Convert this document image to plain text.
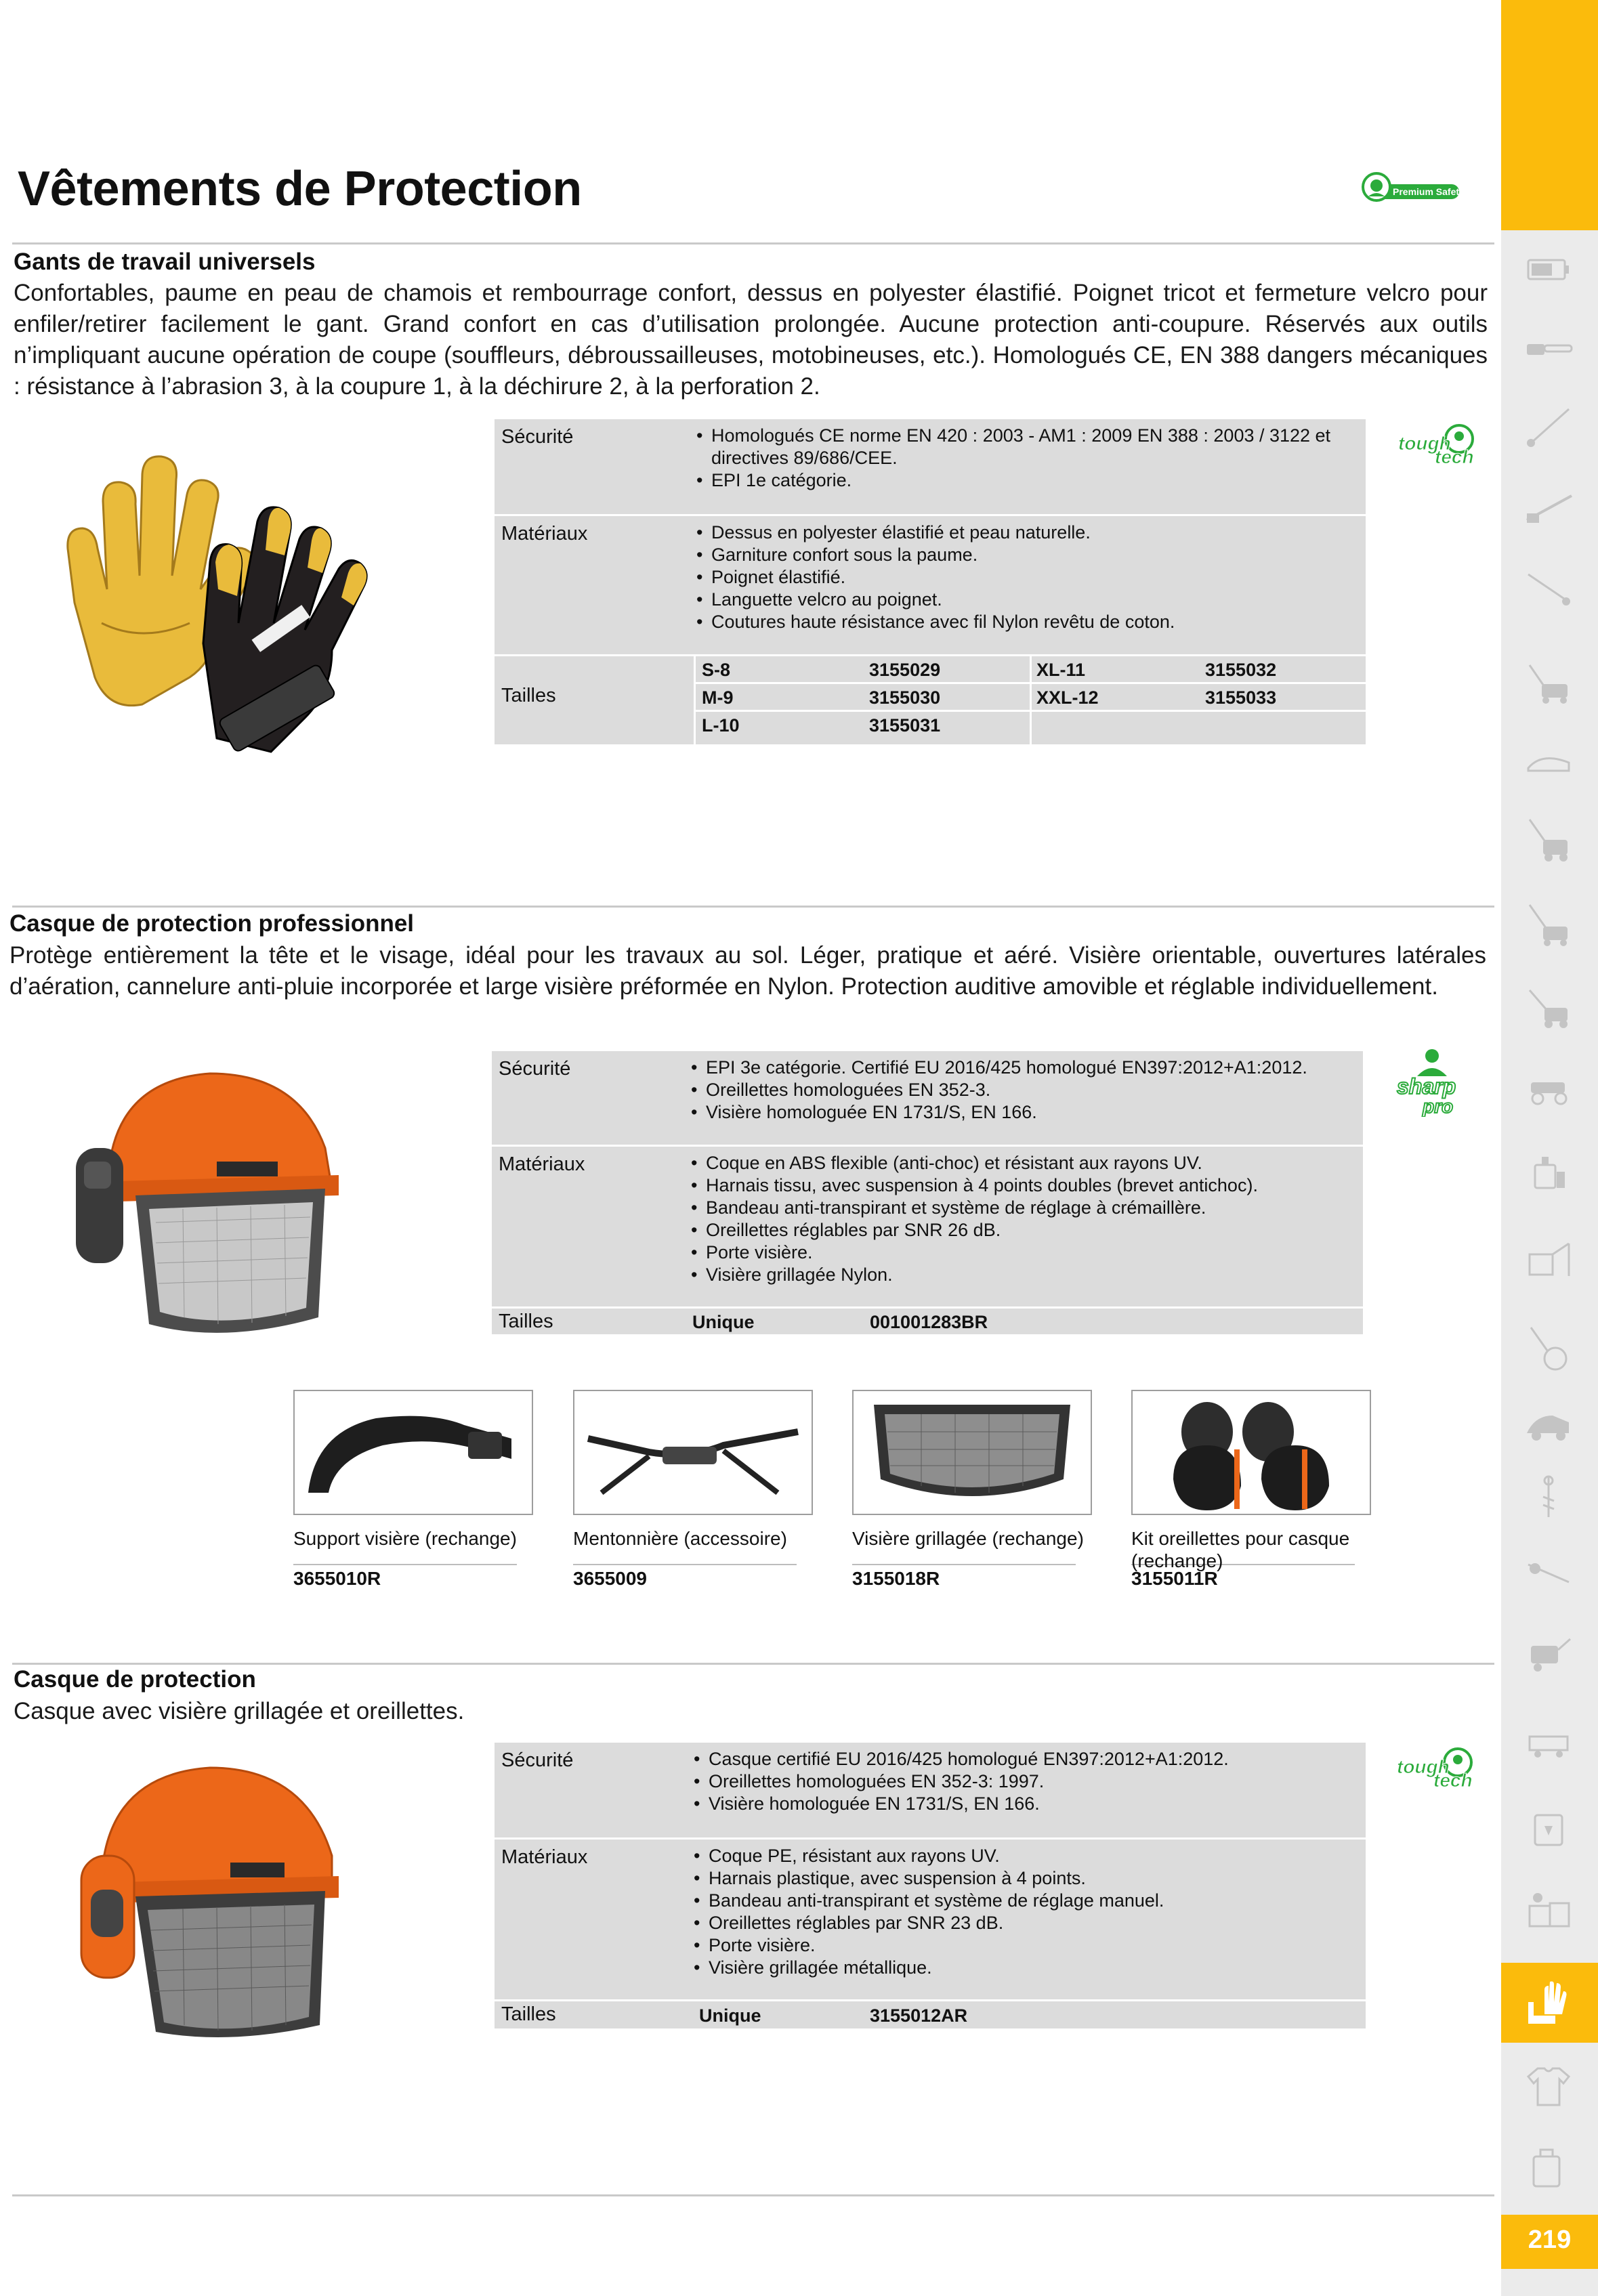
219
Vêtements de Protection	Premium Safety
Gants de travail universels
Confortables, paume en peau de chamois et rembourrage confort, dessus en polyester élastifié. Poignet tricot et fermeture velcro pour enfiler/retirer facilement le gant. Grand confort en cas d’utilisation prolongée. Aucune protection anti-coupure. Réservés aux outils n’impliquant aucune opération de coupe (souffleurs, débroussailleuses, motobineuses, etc.). Homologués CE, EN 388 dangers mécaniques : résistance à l’abrasion 3, à la coupure 1, à la déchirure 2, à la perforation 2.
tough
tech
Sécurité	• Homologués CE norme EN 420 : 2003 - AM1 : 2009 EN 388 : 2003 / 3122 et directives 89/686/CEE.
• EPI 1e catégorie.
Matériaux	• Dessus en polyester élastifié et peau naturelle.
• Garniture confort sous la paume.
• Poignet élastifié.
• Languette velcro au poignet.
• Coutures haute résistance avec fil Nylon revêtu de coton.
Tailles
S-8	3155029
M-9	3155030
L-10	3155031
XL-11	3155032
XXL-12	3155033
Casque de protection professionnel
Protège entièrement la tête et le visage, idéal pour les travaux au sol. Léger, pratique et aéré. Visière orientable, ouvertures latérales d’aération, cannelure anti-pluie incorporée et large visière préformée en Nylon. Protection auditive amovible et réglable individuellement.
sharp
pro
Sécurité	• EPI 3e catégorie. Certifié EU 2016/425 homologué EN397:2012+A1:2012.
• Oreillettes homologuées EN 352-3.
• Visière homologuée EN 1731/S, EN 166.
Matériaux	• Coque en ABS flexible (anti-choc) et résistant aux rayons UV.
• Harnais tissu, avec suspension à 4 points doubles (brevet antichoc).
• Bandeau anti-transpirant et système de réglage à crémaillère.
• Oreillettes réglables par SNR 26 dB.
• Porte visière.
• Visière grillagée Nylon.
Tailles	Unique	001001283BR
Support visière (rechange)
3655010R
Mentonnière (accessoire)
3655009
Visière grillagée (rechange)
3155018R
Kit oreillettes pour casque (rechange)
3155011R
Casque de protection
Casque avec visière grillagée et oreillettes.
tough
tech
Sécurité	• Casque certifié EU 2016/425 homologué EN397:2012+A1:2012.
• Oreillettes homologuées EN 352-3: 1997.
• Visière homologuée EN 1731/S, EN 166.
Matériaux	• Coque PE, résistant aux rayons UV.
• Harnais plastique, avec suspension à 4 points.
• Bandeau anti-transpirant et système de réglage manuel.
• Oreillettes réglables par SNR 23 dB.
• Porte visière.
• Visière grillagée métallique.
Tailles	Unique	3155012AR
